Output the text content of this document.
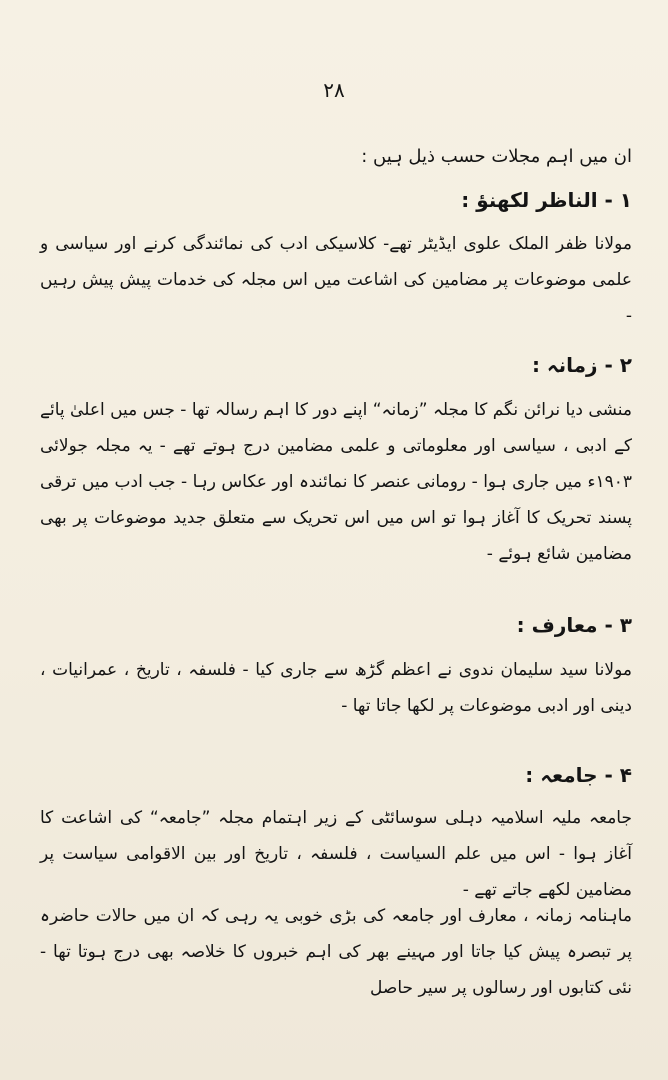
۲۸
ان میں اہم مجلات حسب ذیل ہیں :
۱ - الناظر لکھنؤ :
مولانا ظفر الملک علوی ایڈیٹر تھے- کلاسیکی ادب کی نمائندگی کرنے اور سیاسی و علمی موضوعات پر مضامین کی اشاعت میں اس مجلہ کی خدمات پیش پیش رہیں -
۲ - زمانہ :
منشی دیا نرائن نگم کا مجلہ ”زمانہ“ اپنے دور کا اہم رسالہ تھا - جس میں اعلیٰ پائے کے ادبی ، سیاسی اور معلوماتی و علمی مضامین درج ہوتے تھے - یہ مجلہ جولائی ۱۹۰۳ء میں جاری ہوا - رومانی عنصر کا نمائندہ اور عکاس رہا - جب ادب میں ترقی پسند تحریک کا آغاز ہوا تو اس میں اس تحریک سے متعلق جدید موضوعات پر بھی مضامین شائع ہوئے -
۳ - معارف :
مولانا سید سلیمان ندوی نے اعظم گڑھ سے جاری کیا - فلسفہ ، تاریخ ، عمرانیات ، دینی اور ادبی موضوعات پر لکھا جاتا تھا -
۴ - جامعہ :
جامعہ ملیہ اسلامیہ دہلی سوسائٹی کے زیر اہتمام مجلہ ”جامعہ“ کی اشاعت کا آغاز ہوا - اس میں علم السیاست ، فلسفہ ، تاریخ اور بین الاقوامی سیاست پر مضامین لکھے جاتے تھے -
ماہنامہ زمانہ ، معارف اور جامعہ کی بڑی خوبی یہ رہی کہ ان میں حالات حاضرہ پر تبصرہ پیش کیا جاتا اور مہینے بھر کی اہم خبروں کا خلاصہ بھی درج ہوتا تھا - نئی کتابوں اور رسالوں پر سیر حاصل
